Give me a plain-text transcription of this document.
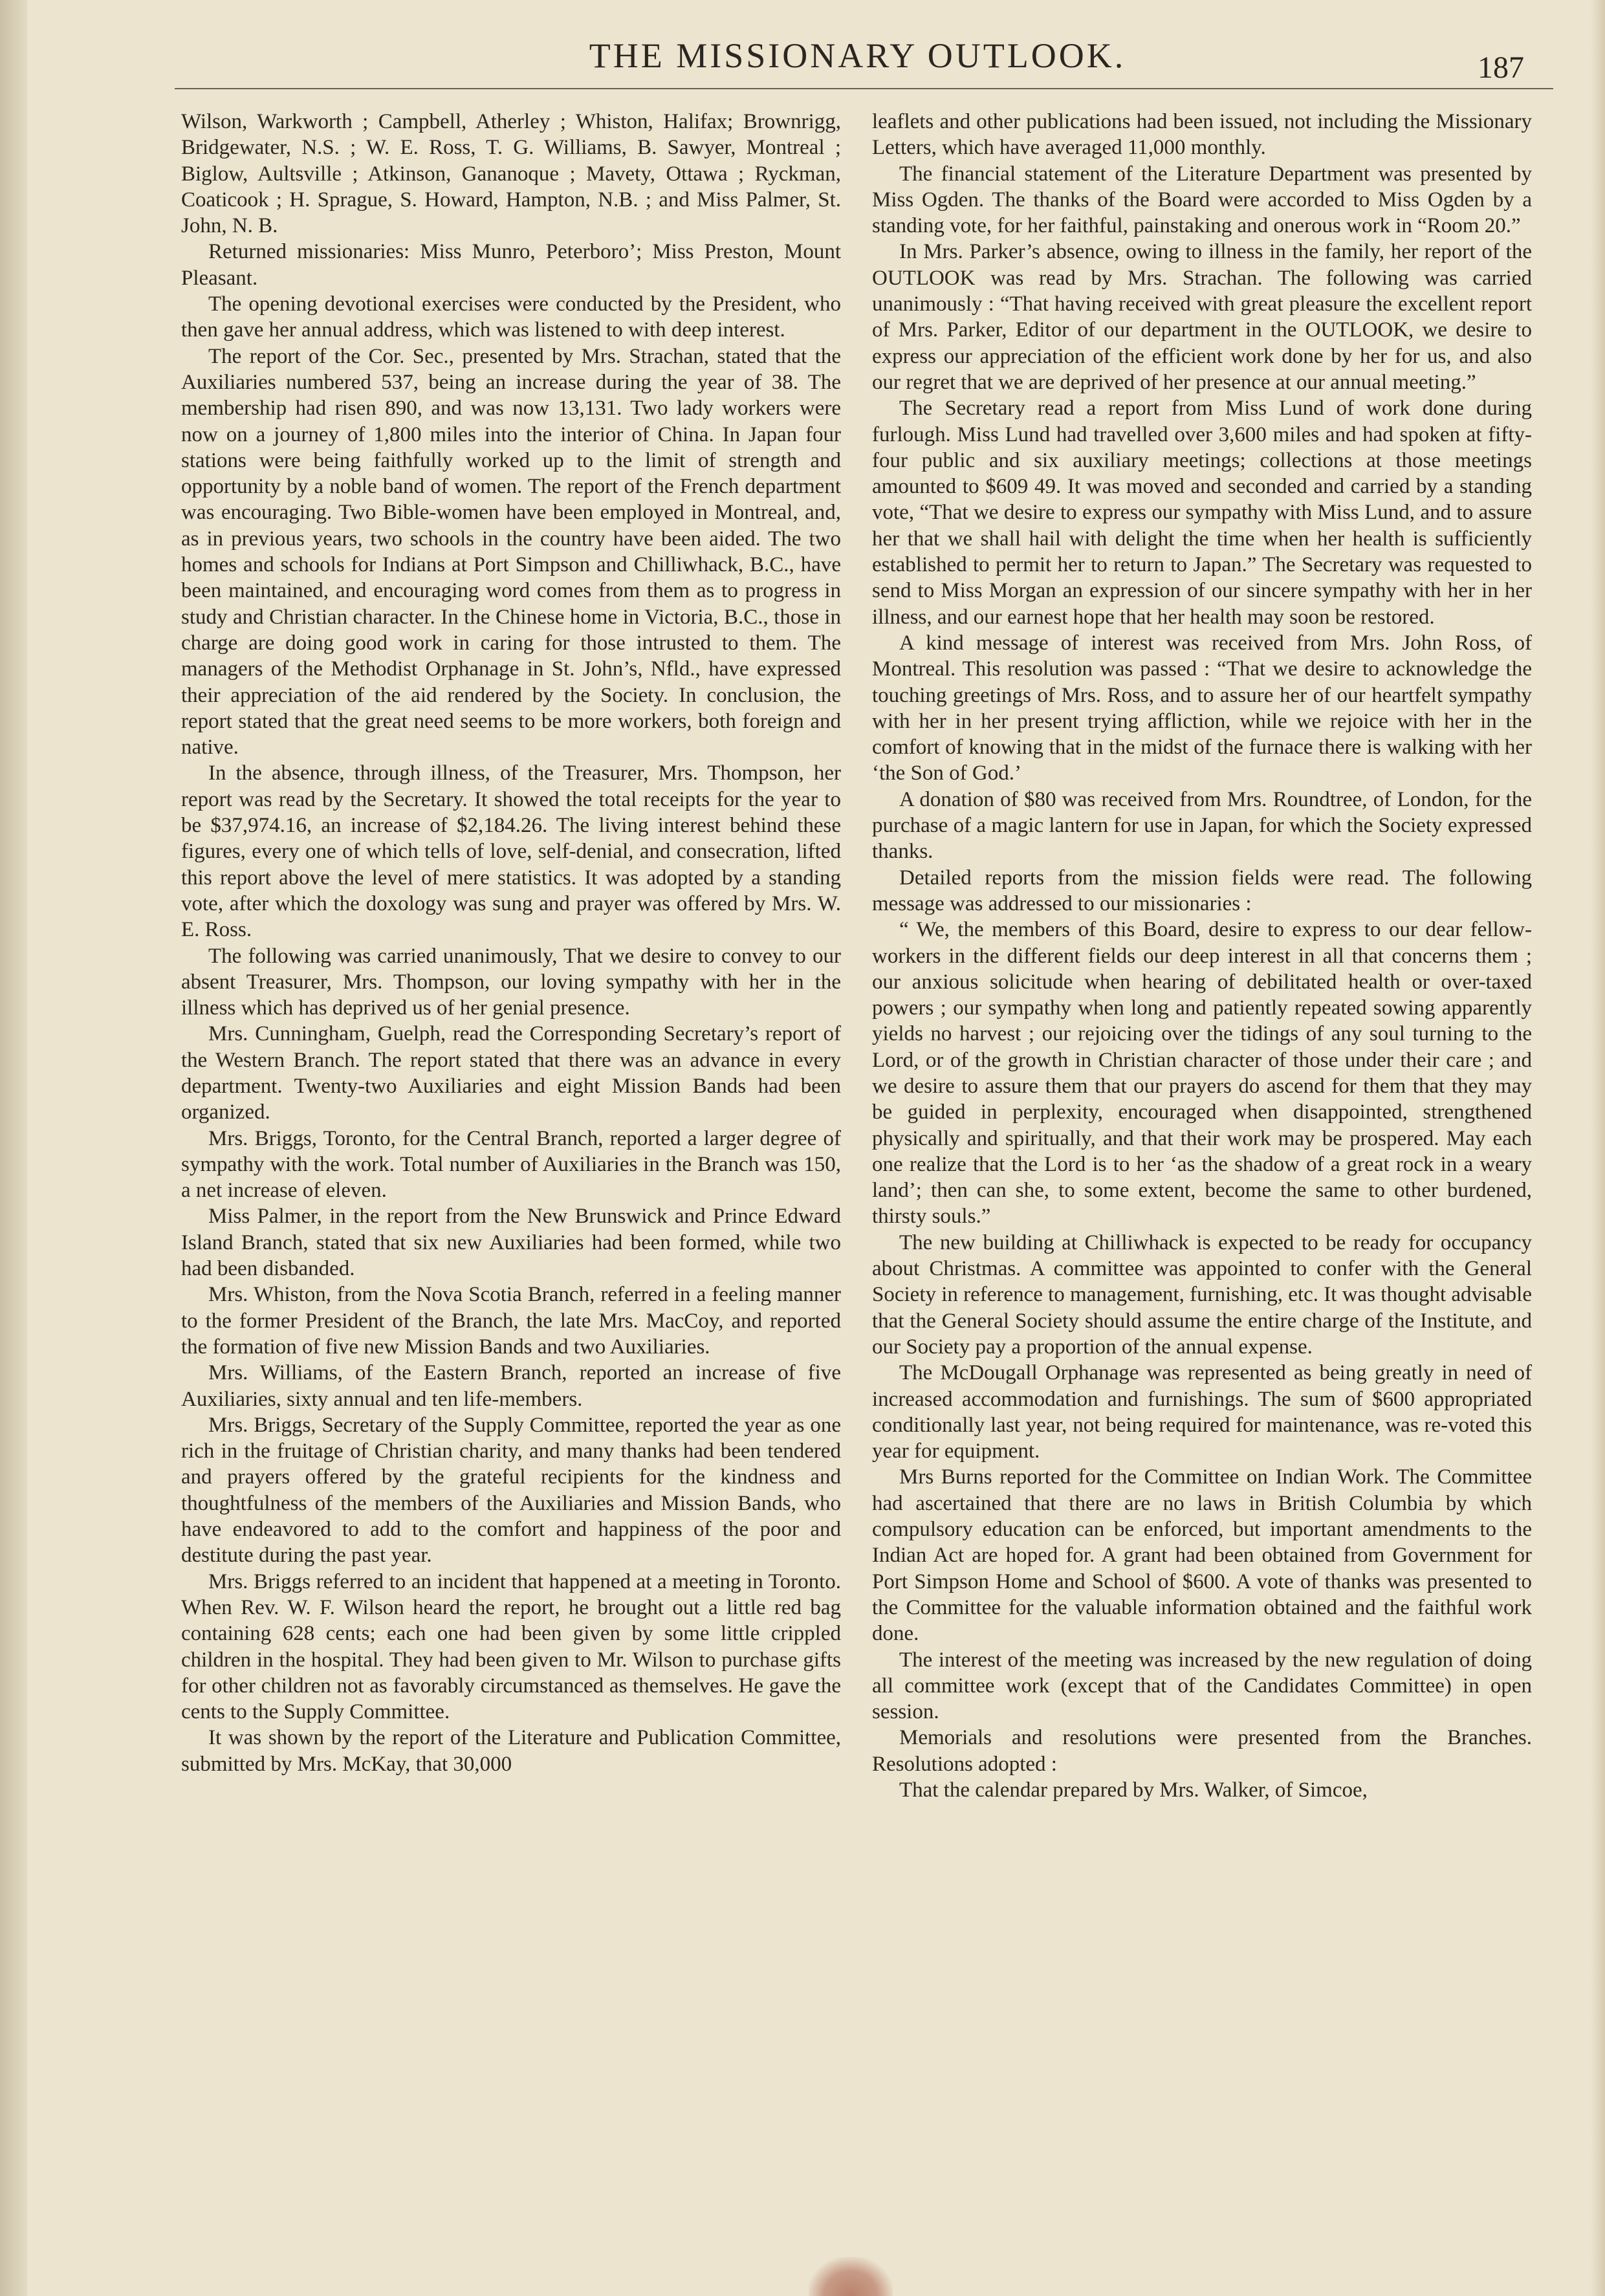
THE MISSIONARY OUTLOOK.	187

Wilson, Warkworth ; Campbell, Atherley ; Whiston, Halifax; Brownrigg, Bridgewater, N.S. ; W. E. Ross, T. G. Williams, B. Sawyer, Montreal ; Biglow, Aultsville ; Atkinson, Gananoque ; Mavety, Ottawa ; Ryckman, Coaticook ; H. Sprague, S. Howard, Hampton, N.B. ; and Miss Palmer, St. John, N. B.

Returned missionaries: Miss Munro, Peterboro’; Miss Preston, Mount Pleasant.

The opening devotional exercises were conducted by the President, who then gave her annual address, which was listened to with deep interest.

The report of the Cor. Sec., presented by Mrs. Strachan, stated that the Auxiliaries numbered 537, being an increase during the year of 38. The membership had risen 890, and was now 13,131. Two lady workers were now on a journey of 1,800 miles into the interior of China. In Japan four stations were being faithfully worked up to the limit of strength and opportunity by a noble band of women. The report of the French department was encouraging. Two Bible-women have been employed in Montreal, and, as in previous years, two schools in the country have been aided. The two homes and schools for Indians at Port Simpson and Chilliwhack, B.C., have been maintained, and encouraging word comes from them as to progress in study and Christian character. In the Chinese home in Victoria, B.C., those in charge are doing good work in caring for those intrusted to them. The managers of the Methodist Orphanage in St. John’s, Nfld., have expressed their appreciation of the aid rendered by the Society. In conclusion, the report stated that the great need seems to be more workers, both foreign and native.

In the absence, through illness, of the Treasurer, Mrs. Thompson, her report was read by the Secretary. It showed the total receipts for the year to be $37,974.16, an increase of $2,184.26. The living interest behind these figures, every one of which tells of love, self-denial, and consecration, lifted this report above the level of mere statistics. It was adopted by a standing vote, after which the doxology was sung and prayer was offered by Mrs. W. E. Ross.

The following was carried unanimously, That we desire to convey to our absent Treasurer, Mrs. Thompson, our loving sympathy with her in the illness which has deprived us of her genial presence.

Mrs. Cunningham, Guelph, read the Corresponding Secretary’s report of the Western Branch. The report stated that there was an advance in every department. Twenty-two Auxiliaries and eight Mission Bands had been organized.

Mrs. Briggs, Toronto, for the Central Branch, reported a larger degree of sympathy with the work. Total number of Auxiliaries in the Branch was 150, a net increase of eleven.

Miss Palmer, in the report from the New Brunswick and Prince Edward Island Branch, stated that six new Auxiliaries had been formed, while two had been disbanded.

Mrs. Whiston, from the Nova Scotia Branch, referred in a feeling manner to the former President of the Branch, the late Mrs. MacCoy, and reported the formation of five new Mission Bands and two Auxiliaries.

Mrs. Williams, of the Eastern Branch, reported an increase of five Auxiliaries, sixty annual and ten life-members.

Mrs. Briggs, Secretary of the Supply Committee, reported the year as one rich in the fruitage of Christian charity, and many thanks had been tendered and prayers offered by the grateful recipients for the kindness and thoughtfulness of the members of the Auxiliaries and Mission Bands, who have endeavored to add to the comfort and happiness of the poor and destitute during the past year.

Mrs. Briggs referred to an incident that happened at a meeting in Toronto. When Rev. W. F. Wilson heard the report, he brought out a little red bag containing 628 cents; each one had been given by some little crippled children in the hospital. They had been given to Mr. Wilson to purchase gifts for other children not as favorably circumstanced as themselves. He gave the cents to the Supply Committee.

It was shown by the report of the Literature and Publication Committee, submitted by Mrs. McKay, that 30,000

leaflets and other publications had been issued, not including the Missionary Letters, which have averaged 11,000 monthly.

The financial statement of the Literature Department was presented by Miss Ogden. The thanks of the Board were accorded to Miss Ogden by a standing vote, for her faithful, painstaking and onerous work in “Room 20.”

In Mrs. Parker’s absence, owing to illness in the family, her report of the OUTLOOK was read by Mrs. Strachan. The following was carried unanimously : “That having received with great pleasure the excellent report of Mrs. Parker, Editor of our department in the OUTLOOK, we desire to express our appreciation of the efficient work done by her for us, and also our regret that we are deprived of her presence at our annual meeting.”

The Secretary read a report from Miss Lund of work done during furlough. Miss Lund had travelled over 3,600 miles and had spoken at fifty-four public and six auxiliary meetings; collections at those meetings amounted to $609 49. It was moved and seconded and carried by a standing vote, “That we desire to express our sympathy with Miss Lund, and to assure her that we shall hail with delight the time when her health is sufficiently established to permit her to return to Japan.” The Secretary was requested to send to Miss Morgan an expression of our sincere sympathy with her in her illness, and our earnest hope that her health may soon be restored.

A kind message of interest was received from Mrs. John Ross, of Montreal. This resolution was passed : “That we desire to acknowledge the touching greetings of Mrs. Ross, and to assure her of our heartfelt sympathy with her in her present trying affliction, while we rejoice with her in the comfort of knowing that in the midst of the furnace there is walking with her ‘the Son of God.’

A donation of $80 was received from Mrs. Roundtree, of London, for the purchase of a magic lantern for use in Japan, for which the Society expressed thanks.

Detailed reports from the mission fields were read. The following message was addressed to our missionaries :

“ We, the members of this Board, desire to express to our dear fellow-workers in the different fields our deep interest in all that concerns them ; our anxious solicitude when hearing of debilitated health or over-taxed powers ; our sympathy when long and patiently repeated sowing apparently yields no harvest ; our rejoicing over the tidings of any soul turning to the Lord, or of the growth in Christian character of those under their care ; and we desire to assure them that our prayers do ascend for them that they may be guided in perplexity, encouraged when disappointed, strengthened physically and spiritually, and that their work may be prospered. May each one realize that the Lord is to her ‘as the shadow of a great rock in a weary land’; then can she, to some extent, become the same to other burdened, thirsty souls.”

The new building at Chilliwhack is expected to be ready for occupancy about Christmas. A committee was appointed to confer with the General Society in reference to management, furnishing, etc. It was thought advisable that the General Society should assume the entire charge of the Institute, and our Society pay a proportion of the annual expense.

The McDougall Orphanage was represented as being greatly in need of increased accommodation and furnishings. The sum of $600 appropriated conditionally last year, not being required for maintenance, was re-voted this year for equipment.

Mrs Burns reported for the Committee on Indian Work. The Committee had ascertained that there are no laws in British Columbia by which compulsory education can be enforced, but important amendments to the Indian Act are hoped for. A grant had been obtained from Government for Port Simpson Home and School of $600. A vote of thanks was presented to the Committee for the valuable information obtained and the faithful work done.

The interest of the meeting was increased by the new regulation of doing all committee work (except that of the Candidates Committee) in open session.

Memorials and resolutions were presented from the Branches. Resolutions adopted :

That the calendar prepared by Mrs. Walker, of Simcoe,
